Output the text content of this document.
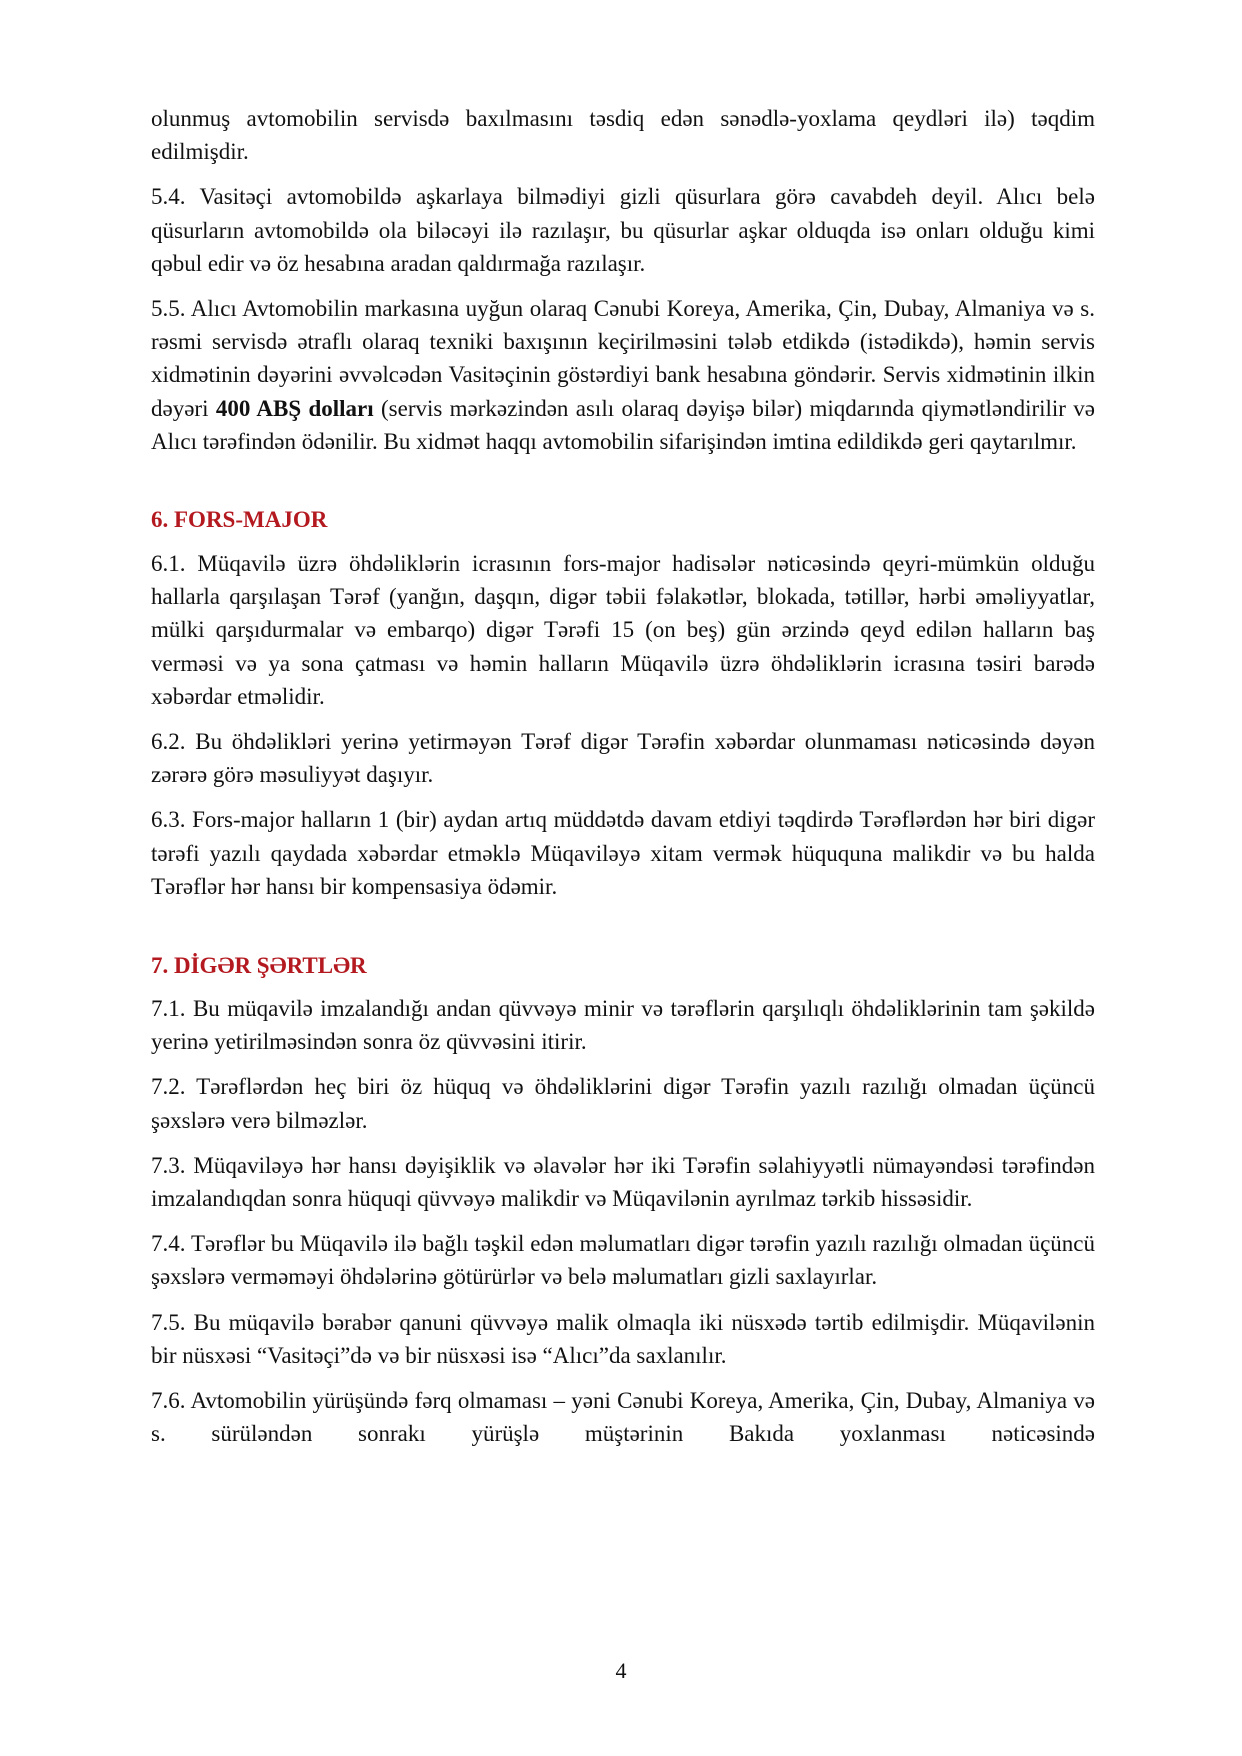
olunmuş avtomobilin servisdə baxılmasını təsdiq edən sənədlə-yoxlama qeydləri ilə) təqdim edilmişdir.

5.4. Vasitəçi avtomobildə aşkarlaya bilmədiyi gizli qüsurlara görə cavabdeh deyil. Alıcı belə qüsurların avtomobildə ola biləcəyi ilə razılaşır, bu qüsurlar aşkar olduqda isə onları olduğu kimi qəbul edir və öz hesabına aradan qaldırmağa razılaşır.

5.5. Alıcı Avtomobilin markasına uyğun olaraq Cənubi Koreya, Amerika, Çin, Dubay, Almaniya və s. rəsmi servisdə ətraflı olaraq texniki baxışının keçirilməsini tələb etdikdə (istədikdə), həmin servis xidmətinin dəyərini əvvəlcədən Vasitəçinin göstərdiyi bank hesabına göndərir. Servis xidmətinin ilkin dəyəri 400 ABŞ dolları (servis mərkəzindən asılı olaraq dəyişə bilər) miqdarında qiymətləndirilir və Alıcı tərəfindən ödənilir. Bu xidmət haqqı avtomobilin sifarişindən imtina edildikdə geri qaytarılmır.

6. FORS-MAJOR

6.1. Müqavilə üzrə öhdəliklərin icrasının fors-major hadisələr nəticəsində qeyri-mümkün olduğu hallarla qarşılaşan Tərəf (yanğın, daşqın, digər təbii fəlakətlər, blokada, tətillər, hərbi əməliyyatlar, mülki qarşıdurmalar və embarqo) digər Tərəfi 15 (on beş) gün ərzində qeyd edilən halların baş verməsi və ya sona çatması və həmin halların Müqavilə üzrə öhdəliklərin icrasına təsiri barədə xəbərdar etməlidir.

6.2. Bu öhdəlikləri yerinə yetirməyən Tərəf digər Tərəfin xəbərdar olunmaması nəticəsində dəyən zərərə görə məsuliyyət daşıyır.

6.3. Fors-major halların 1 (bir) aydan artıq müddətdə davam etdiyi təqdirdə Tərəflərdən hər biri digər tərəfi yazılı qaydada xəbərdar etməklə Müqaviləyə xitam vermək hüququna malikdir və bu halda Tərəflər hər hansı bir kompensasiya ödəmir.

7. DİGƏR ŞƏRTLƏR

7.1. Bu müqavilə imzalandığı andan qüvvəyə minir və tərəflərin qarşılıqlı öhdəliklərinin tam şəkildə yerinə yetirilməsindən sonra öz qüvvəsini itirir.

7.2. Tərəflərdən heç biri öz hüquq və öhdəliklərini digər Tərəfin yazılı razılığı olmadan üçüncü şəxslərə verə bilməzlər.

7.3. Müqaviləyə hər hansı dəyişiklik və əlavələr hər iki Tərəfin səlahiyyətli nümayəndəsi tərəfindən imzalandıqdan sonra hüquqi qüvvəyə malikdir və Müqavilənin ayrılmaz tərkib hissəsidir.

7.4. Tərəflər bu Müqavilə ilə bağlı təşkil edən məlumatları digər tərəfin yazılı razılığı olmadan üçüncü şəxslərə verməməyi öhdələrinə götürürlər və belə məlumatları gizli saxlayırlar.

7.5. Bu müqavilə bərabər qanuni qüvvəyə malik olmaqla iki nüsxədə tərtib edilmişdir. Müqavilənin bir nüsxəsi “Vasitəçi”də və bir nüsxəsi isə “Alıcı”da saxlanılır.

7.6. Avtomobilin yürüşündə fərq olmaması – yəni Cənubi Koreya, Amerika, Çin, Dubay, Almaniya və s. sürüləndən sonrakı yürüşlə müştərinin Bakıda yoxlanması nəticəsində

4
